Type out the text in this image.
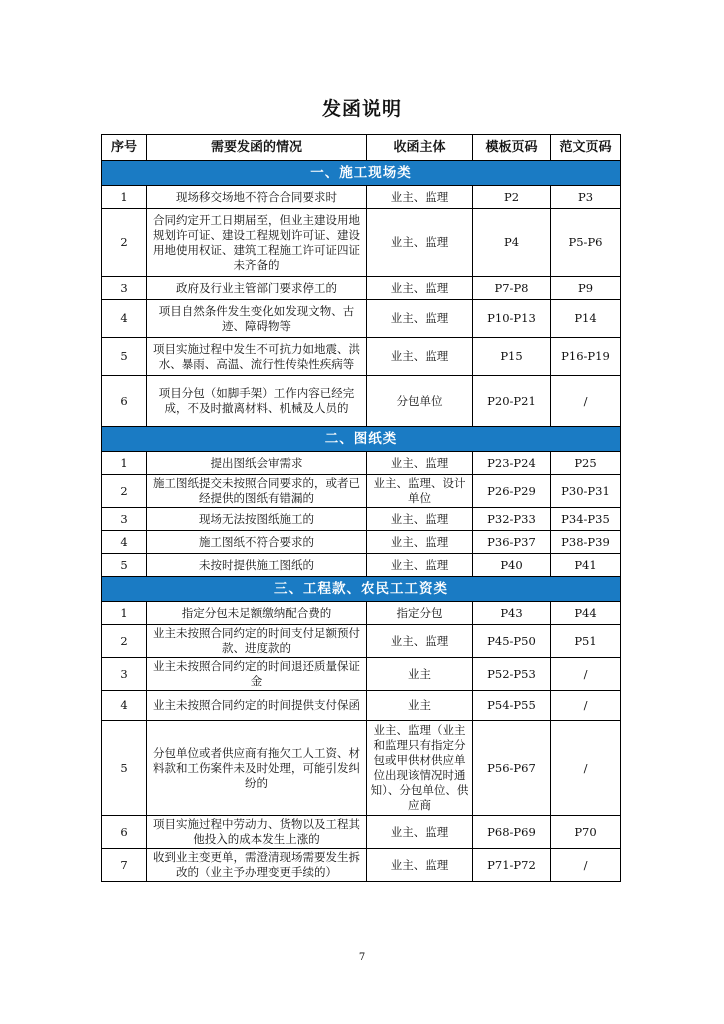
发函说明
序号	需要发函的情况	收函主体	模板页码	范文页码
一、施工现场类				
1	现场移交场地不符合合同要求时	业主、监理	P2	P3
2	合同约定开工日期届至，但业主建设用地规划许可证、建设工程规划许可证、建设用地使用权证、建筑工程施工许可证四证未齐备的	业主、监理	P4	P5-P6
3	政府及行业主管部门要求停工的	业主、监理	P7-P8	P9
4	项目自然条件发生变化如发现文物、古迹、障碍物等	业主、监理	P10-P13	P14
5	项目实施过程中发生不可抗力如地震、洪水、暴雨、高温、流行性传染性疾病等	业主、监理	P15	P16-P19
6	项目分包（如脚手架）工作内容已经完成，不及时撤离材料、机械及人员的	分包单位	P20-P21	/
二、图纸类				
1	提出图纸会审需求	业主、监理	P23-P24	P25
2	施工图纸提交未按照合同要求的，或者已经提供的图纸有错漏的	业主、监理、设计单位	P26-P29	P30-P31
3	现场无法按图纸施工的	业主、监理	P32-P33	P34-P35
4	施工图纸不符合要求的	业主、监理	P36-P37	P38-P39
5	未按时提供施工图纸的	业主、监理	P40	P41
三、工程款、农民工工资类				
1	指定分包未足额缴纳配合费的	指定分包	P43	P44
2	业主未按照合同约定的时间支付足额预付款、进度款的	业主、监理	P45-P50	P51
3	业主未按照合同约定的时间退还质量保证金	业主	P52-P53	/
4	业主未按照合同约定的时间提供支付保函	业主	P54-P55	/
5	分包单位或者供应商有拖欠工人工资、材料款和工伤案件未及时处理，可能引发纠纷的	业主、监理（业主和监理只有指定分包或甲供材供应单位出现该情况时通知）、分包单位、供应商	P56-P67	/
6	项目实施过程中劳动力、货物以及工程其他投入的成本发生上涨的	业主、监理	P68-P69	P70
7	收到业主变更单，需澄清现场需要发生拆改的（业主予办理变更手续的）	业主、监理	P71-P72	/
7
